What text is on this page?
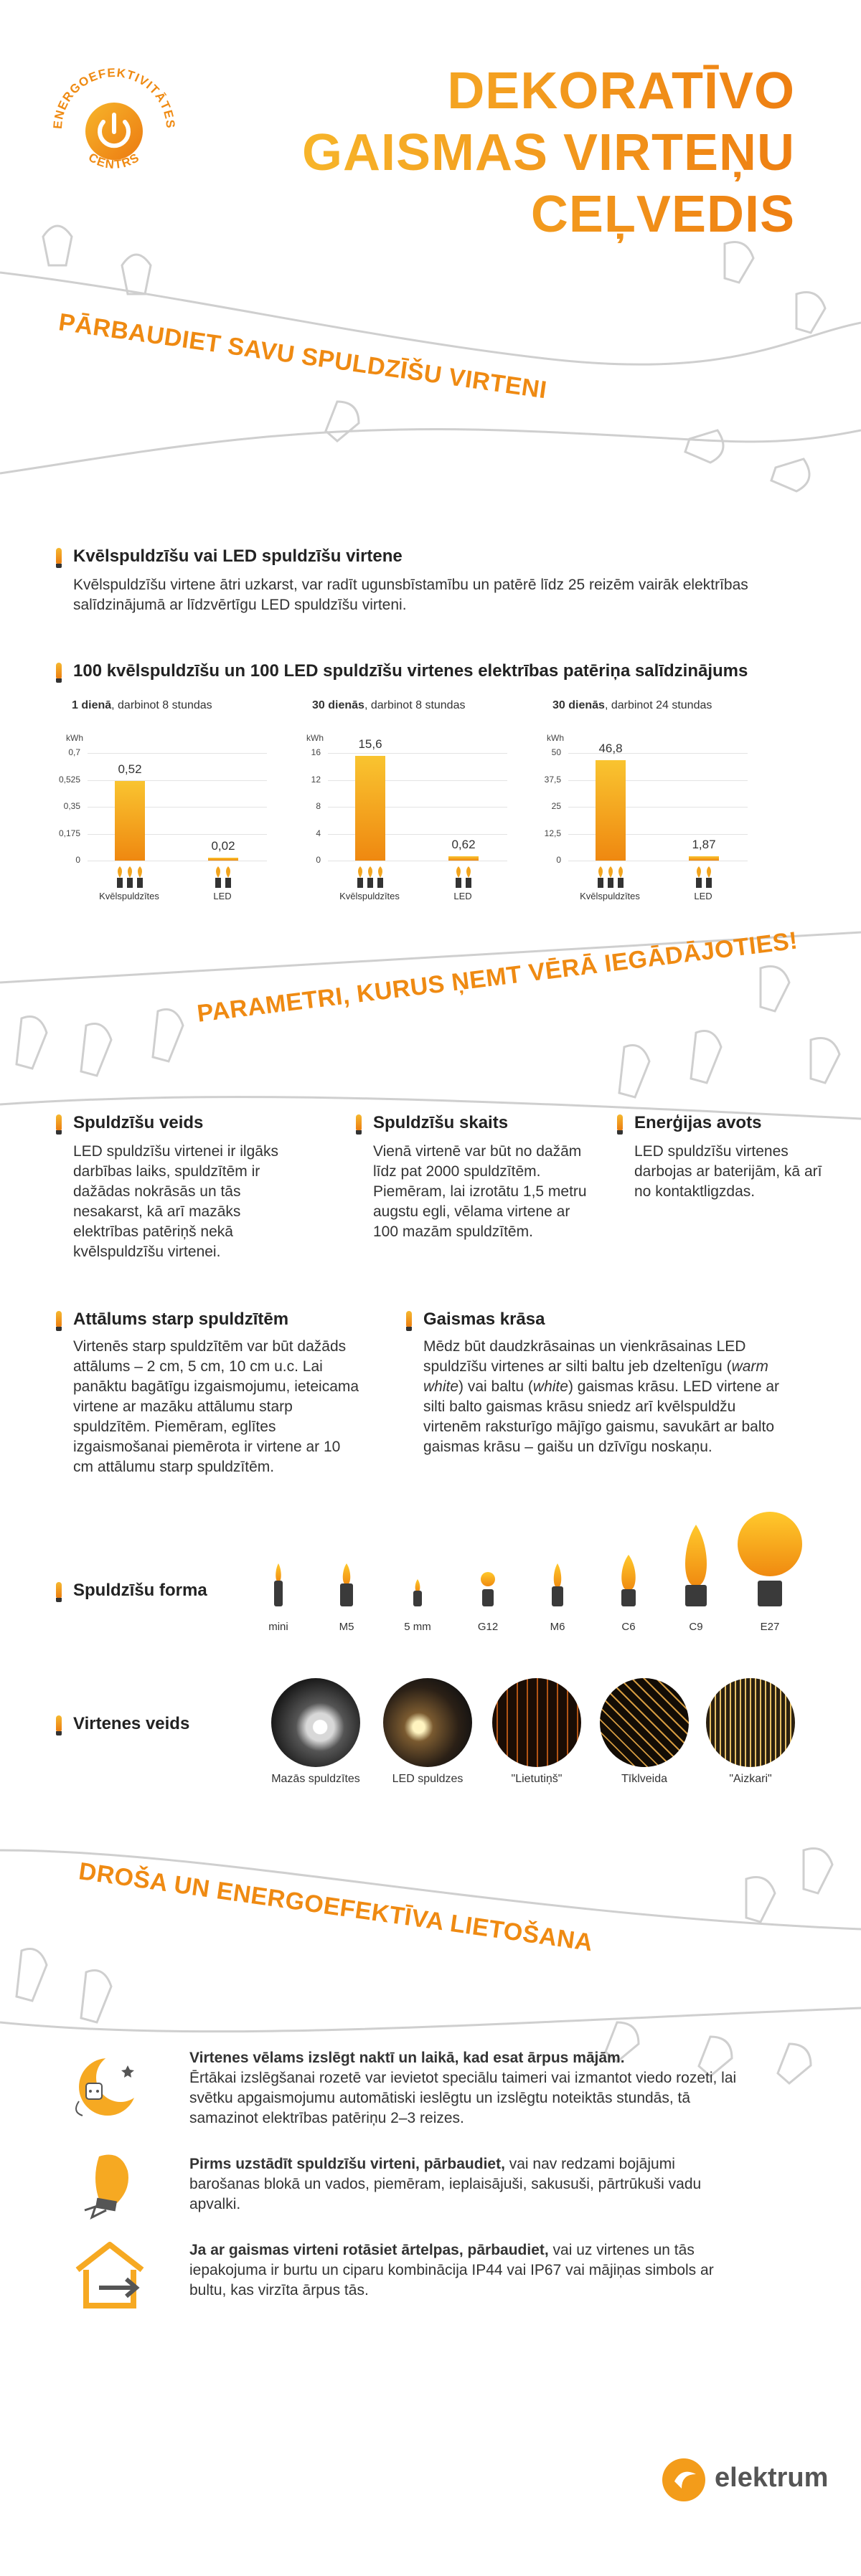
ENERGOEFEKTIVITĀTES
CENTRS
DEKORATĪVO
GAISMAS VIRTEŅU
CEĻVEDIS
PĀRBAUDIET SAVU SPULDZĪŠU VIRTENI
Kvēlspuldzīšu vai LED spuldzīšu virtene
Kvēlspuldzīšu virtene ātri uzkarst, var radīt ugunsbīstamību un patērē līdz 25 reizēm vairāk elektrības salīdzinājumā ar līdzvērtīgu LED spuldzīšu virteni.
100 kvēlspuldzīšu un 100 LED spuldzīšu virtenes elektrības patēriņa salīdzinājums
1 dienā, darbinot 8 stundas
kWh
0
0,175
0,35
0,525
0,7
0,52
Kvēlspuldzītes
0,02
LED
30 dienās, darbinot 8 stundas
kWh
0
4
8
12
16
15,6
Kvēlspuldzītes
0,62
LED
30 dienās, darbinot 24 stundas
kWh
0
12,5
25
37,5
50	46,8
Kvēlspuldzītes
1,87
LED
PARAMETRI, KURUS ŅEMT VĒRĀ IEGĀDĀJOTIES!
Spuldzīšu veids
LED spuldzīšu virtenei ir ilgāks darbības laiks, spuldzītēm ir dažādas nokrāsās un tās nesakarst, kā arī mazāks elektrības patēriņš nekā kvēlspuldzīšu virtenei.
Spuldzīšu skaits
Vienā virtenē var būt no dažām līdz pat 2000 spuldzītēm. Piemēram, lai izrotātu 1,5 metru augstu egli, vēlama virtene ar 100 mazām spuldzītēm.
Enerģijas avots
LED spuldzīšu virtenes darbojas ar baterijām, kā arī no kontaktligzdas.
Attālums starp spuldzītēm
Virtenēs starp spuldzītēm var būt dažāds attālums – 2 cm, 5 cm, 10 cm u.c. Lai panāktu bagātīgu izgaismojumu, ieteicama virtene ar mazāku attālumu starp spuldzītēm. Piemēram, eglītes izgaismošanai piemērota ir virtene ar 10 cm attālumu starp spuldzītēm.
Gaismas krāsa
Mēdz būt daudzkrāsainas un vienkrāsainas LED spuldzīšu virtenes ar silti baltu jeb dzeltenīgu (warm white) vai baltu (white) gaismas krāsu. LED virtene ar silti balto gaismas krāsu sniedz arī kvēlspuldžu virtenēm raksturīgo mājīgo gaismu, savukārt ar balto gaismas krāsu – gaišu un dzīvīgu noskaņu.
Spuldzīšu forma
mini	M5	5 mm	G12	M6	C6	C9	E27
Virtenes veids
Mazās spuldzītes	LED spuldzes	"Lietutiņš"	Tīklveida	"Aizkari"
DROŠA UN ENERGOEFEKTĪVA LIETOŠANA
Virtenes vēlams izslēgt naktī un laikā, kad esat ārpus mājām.
Ērtākai izslēgšanai rozetē var ievietot speciālu taimeri vai izmantot viedo rozeti, lai svētku apgaismojumu automātiski ieslēgtu un izslēgtu noteiktās stundās, tā samazinot elektrības patēriņu 2–3 reizes.
Pirms uzstādīt spuldzīšu virteni, pārbaudiet, vai nav redzami bojājumi barošanas blokā un vados, piemēram, ieplaisājuši, sakusuši, pārtrūkuši vadu apvalki.
Ja ar gaismas virteni rotāsiet ārtelpas, pārbaudiet, vai uz virtenes un tās iepakojuma ir burtu un ciparu kombinācija IP44 vai IP67 vai mājiņas simbols ar bultu, kas virzīta ārpus tās.
elektrum
